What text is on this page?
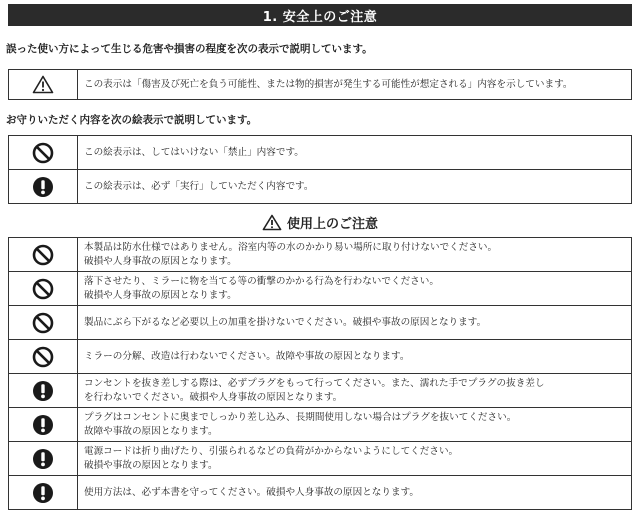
1. 安全上のご注意
誤った使い方によって生じる危害や損害の程度を次の表示で説明しています。
	この表示は「傷害及び死亡を負う可能性、または物的損害が発生する可能性が想定される」内容を示しています。
お守りいただく内容を次の絵表示で説明しています。
	この絵表示は、してはいけない「禁止」内容です。

	この絵表示は、必ず「実行」していただく内容です。
使用上のご注意

本製品は防水仕様ではありません。浴室内等の水のかかり易い場所に取り付けないでください。
破損や人身事故の原因となります。

落下させたり、ミラーに物を当てる等の衝撃のかかる行為を行わないでください。
破損や人身事故の原因となります。

製品にぶら下がるなど必要以上の加重を掛けないでください。破損や事故の原因となります。

ミラーの分解、改造は行わないでください。故障や事故の原因となります。

コンセントを抜き差しする際は、必ずプラグをもって行ってください。また、濡れた手でプラグの抜き差し
を行わないでください。破損や人身事故の原因となります。

プラグはコンセントに奥までしっかり差し込み、長期間使用しない場合はプラグを抜いてください。
故障や事故の原因となります。

電源コードは折り曲げたり、引張られるなどの負荷がかからないようにしてください。
破損や事故の原因となります。

使用方法は、必ず本書を守ってください。破損や人身事故の原因となります。
